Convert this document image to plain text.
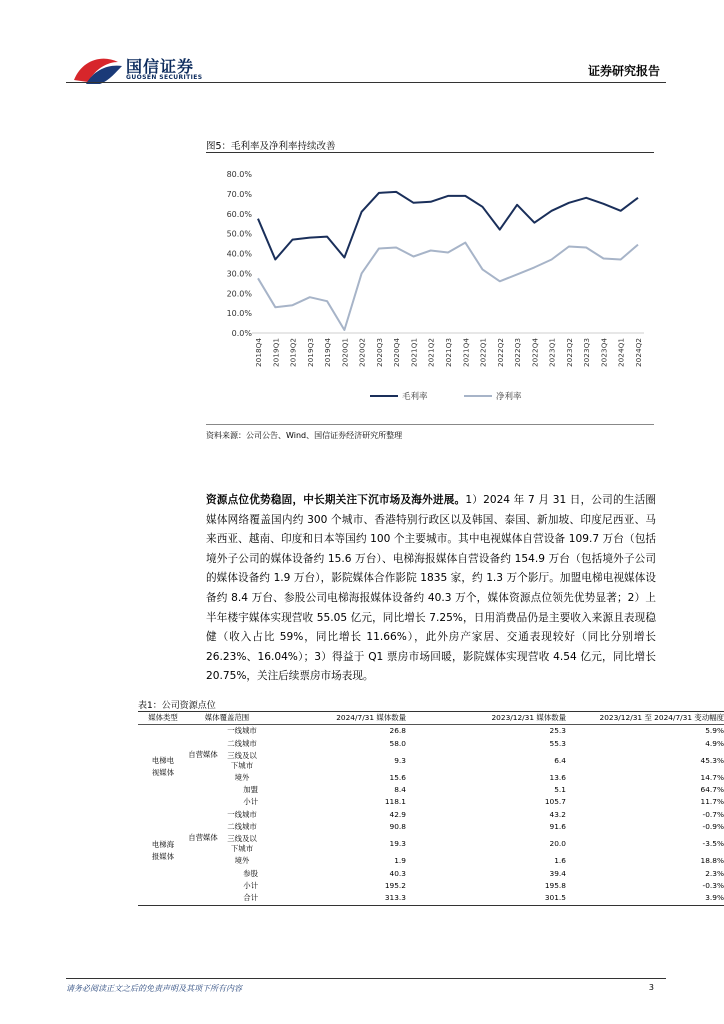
国信证券
GUOSEN SECURITIES	证券研究报告
图5：毛利率及净利率持续改善
0.0%
10.0%
20.0%
30.0%
40.0%
50.0%
60.0%
70.0%
80.0%
2018Q4 2019Q1 2019Q2 2019Q3 2019Q4 2020Q1 2020Q2 2020Q3 2020Q4 2021Q1 2021Q2 2021Q3 2021Q4 2022Q1 2022Q2 2022Q3 2022Q4 2023Q1 2023Q2 2023Q3 2023Q4 2024Q1 2024Q2
毛利率	净利率
资料来源：公司公告、Wind、国信证券经济研究所整理
资源点位优势稳固，中长期关注下沉市场及海外进展。1）2024 年 7 月 31 日，公司的生活圈媒体网络覆盖国内约 300 个城市、香港特别行政区以及韩国、泰国、新加坡、印度尼西亚、马来西亚、越南、印度和日本等国约 100 个主要城市。其中电视媒体自营设备 109.7 万台（包括境外子公司的媒体设备约 15.6 万台）、电梯海报媒体自营设备约 154.9 万台（包括境外子公司的媒体设备约 1.9 万台），影院媒体合作影院 1835 家，约 1.3 万个影厅。加盟电梯电视媒体设备约 8.4 万台、参股公司电梯海报媒体设备约 40.3 万个，媒体资源点位领先优势显著；2）上半年楼宇媒体实现营收 55.05 亿元，同比增长 7.25%，日用消费品仍是主要收入来源且表现稳健（收入占比 59%，同比增长 11.66%），此外房产家居、交通表现较好（同比分别增长 26.23%、16.04%）；3）得益于 Q1 票房市场回暖，影院媒体实现营收 4.54 亿元，同比增长 20.75%，关注后续票房市场表现。
表1：公司资源点位
媒体类型	媒体覆盖范围		2024/7/31 媒体数量	2023/12/31 媒体数量	2023/12/31 至 2024/7/31 变动幅度
电梯电视媒体	自营媒体	一线城市	26.8	25.3	5.9%
		二线城市	58.0	55.3	4.9%
		三线及以下城市	9.3	6.4	45.3%
		境外	15.6	13.6	14.7%
	加盟		8.4	5.1	64.7%
	小计		118.1	105.7	11.7%
电梯海报媒体	自营媒体	一线城市	42.9	43.2	-0.7%
		二线城市	90.8	91.6	-0.9%
		三线及以下城市	19.3	20.0	-3.5%
		境外	1.9	1.6	18.8%
	参股		40.3	39.4	2.3%
	小计		195.2	195.8	-0.3%
	合计		313.3	301.5	3.9%
请务必阅读正文之后的免责声明及其项下所有内容	3
